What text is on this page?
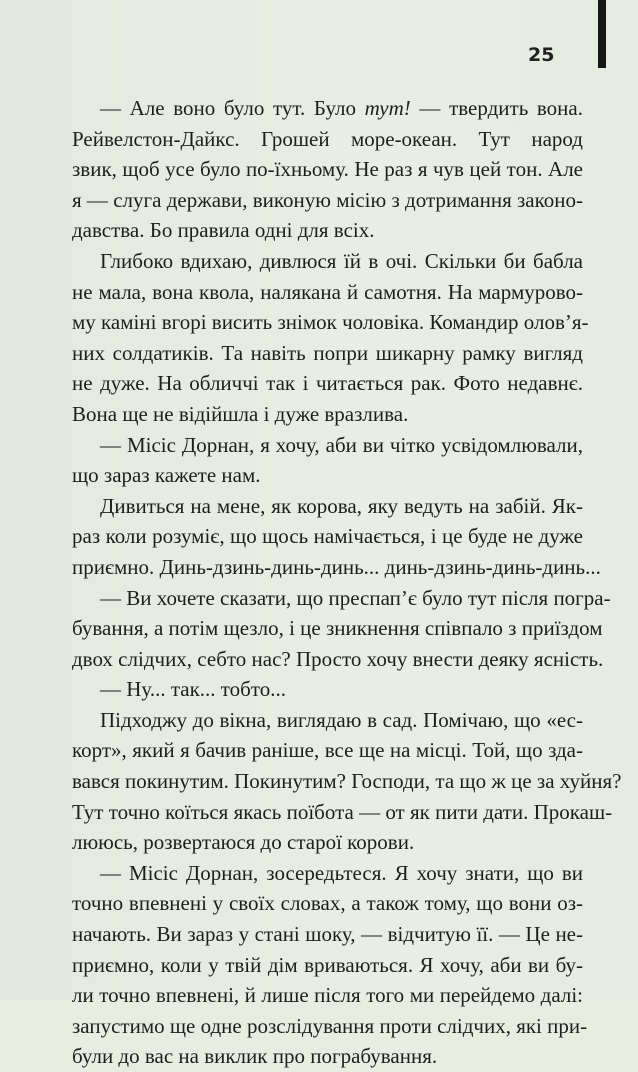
25
— Але воно було тут. Було тут! — твердить вона.
Рейвелстон-Дайкс. Грошей море-океан. Тут народ
звик, щоб усе було по-їхньому. Не раз я чув цей тон. Але
я — слуга держави, виконую місію з дотримання законо-
давства. Бо правила одні для всіх.
Глибоко вдихаю, дивлюся їй в очі. Скільки би бабла
не мала, вона квола, налякана й самотня. На мармурово-
му каміні вгорі висить знімок чоловіка. Командир олов’я-
них солдатиків. Та навіть попри шикарну рамку вигляд
не дуже. На обличчі так і читається рак. Фото недавнє.
Вона ще не відійшла і дуже вразлива.
— Місіс Дорнан, я хочу, аби ви чітко усвідомлювали,
що зараз кажете нам.
Дивиться на мене, як корова, яку ведуть на забій. Як-
раз коли розуміє, що щось намічається, і це буде не дуже
приємно. Динь-дзинь-динь-динь... динь-дзинь-динь-динь...
— Ви хочете сказати, що преспап’є було тут після погра-
бування, а потім щезло, і це зникнення співпало з приїздом
двох слідчих, себто нас? Просто хочу внести деяку ясність.
— Ну... так... тобто...
Підходжу до вікна, виглядаю в сад. Помічаю, що «ес-
корт», який я бачив раніше, все ще на місці. Той, що зда-
вався покинутим. Покинутим? Господи, та що ж це за хуйня?
Тут точно коїться якась поїбота — от як пити дати. Прокаш-
лююсь, розвертаюся до старої корови.
— Місіс Дорнан, зосередьтеся. Я хочу знати, що ви
точно впевнені у своїх словах, а також тому, що вони оз-
начають. Ви зараз у стані шоку, — відчитую її. — Це не-
приємно, коли у твій дім вриваються. Я хочу, аби ви бу-
ли точно впевнені, й лише після того ми перейдемо далі:
запустимо ще одне розслідування проти слідчих, які при-
були до вас на виклик про пограбування.
